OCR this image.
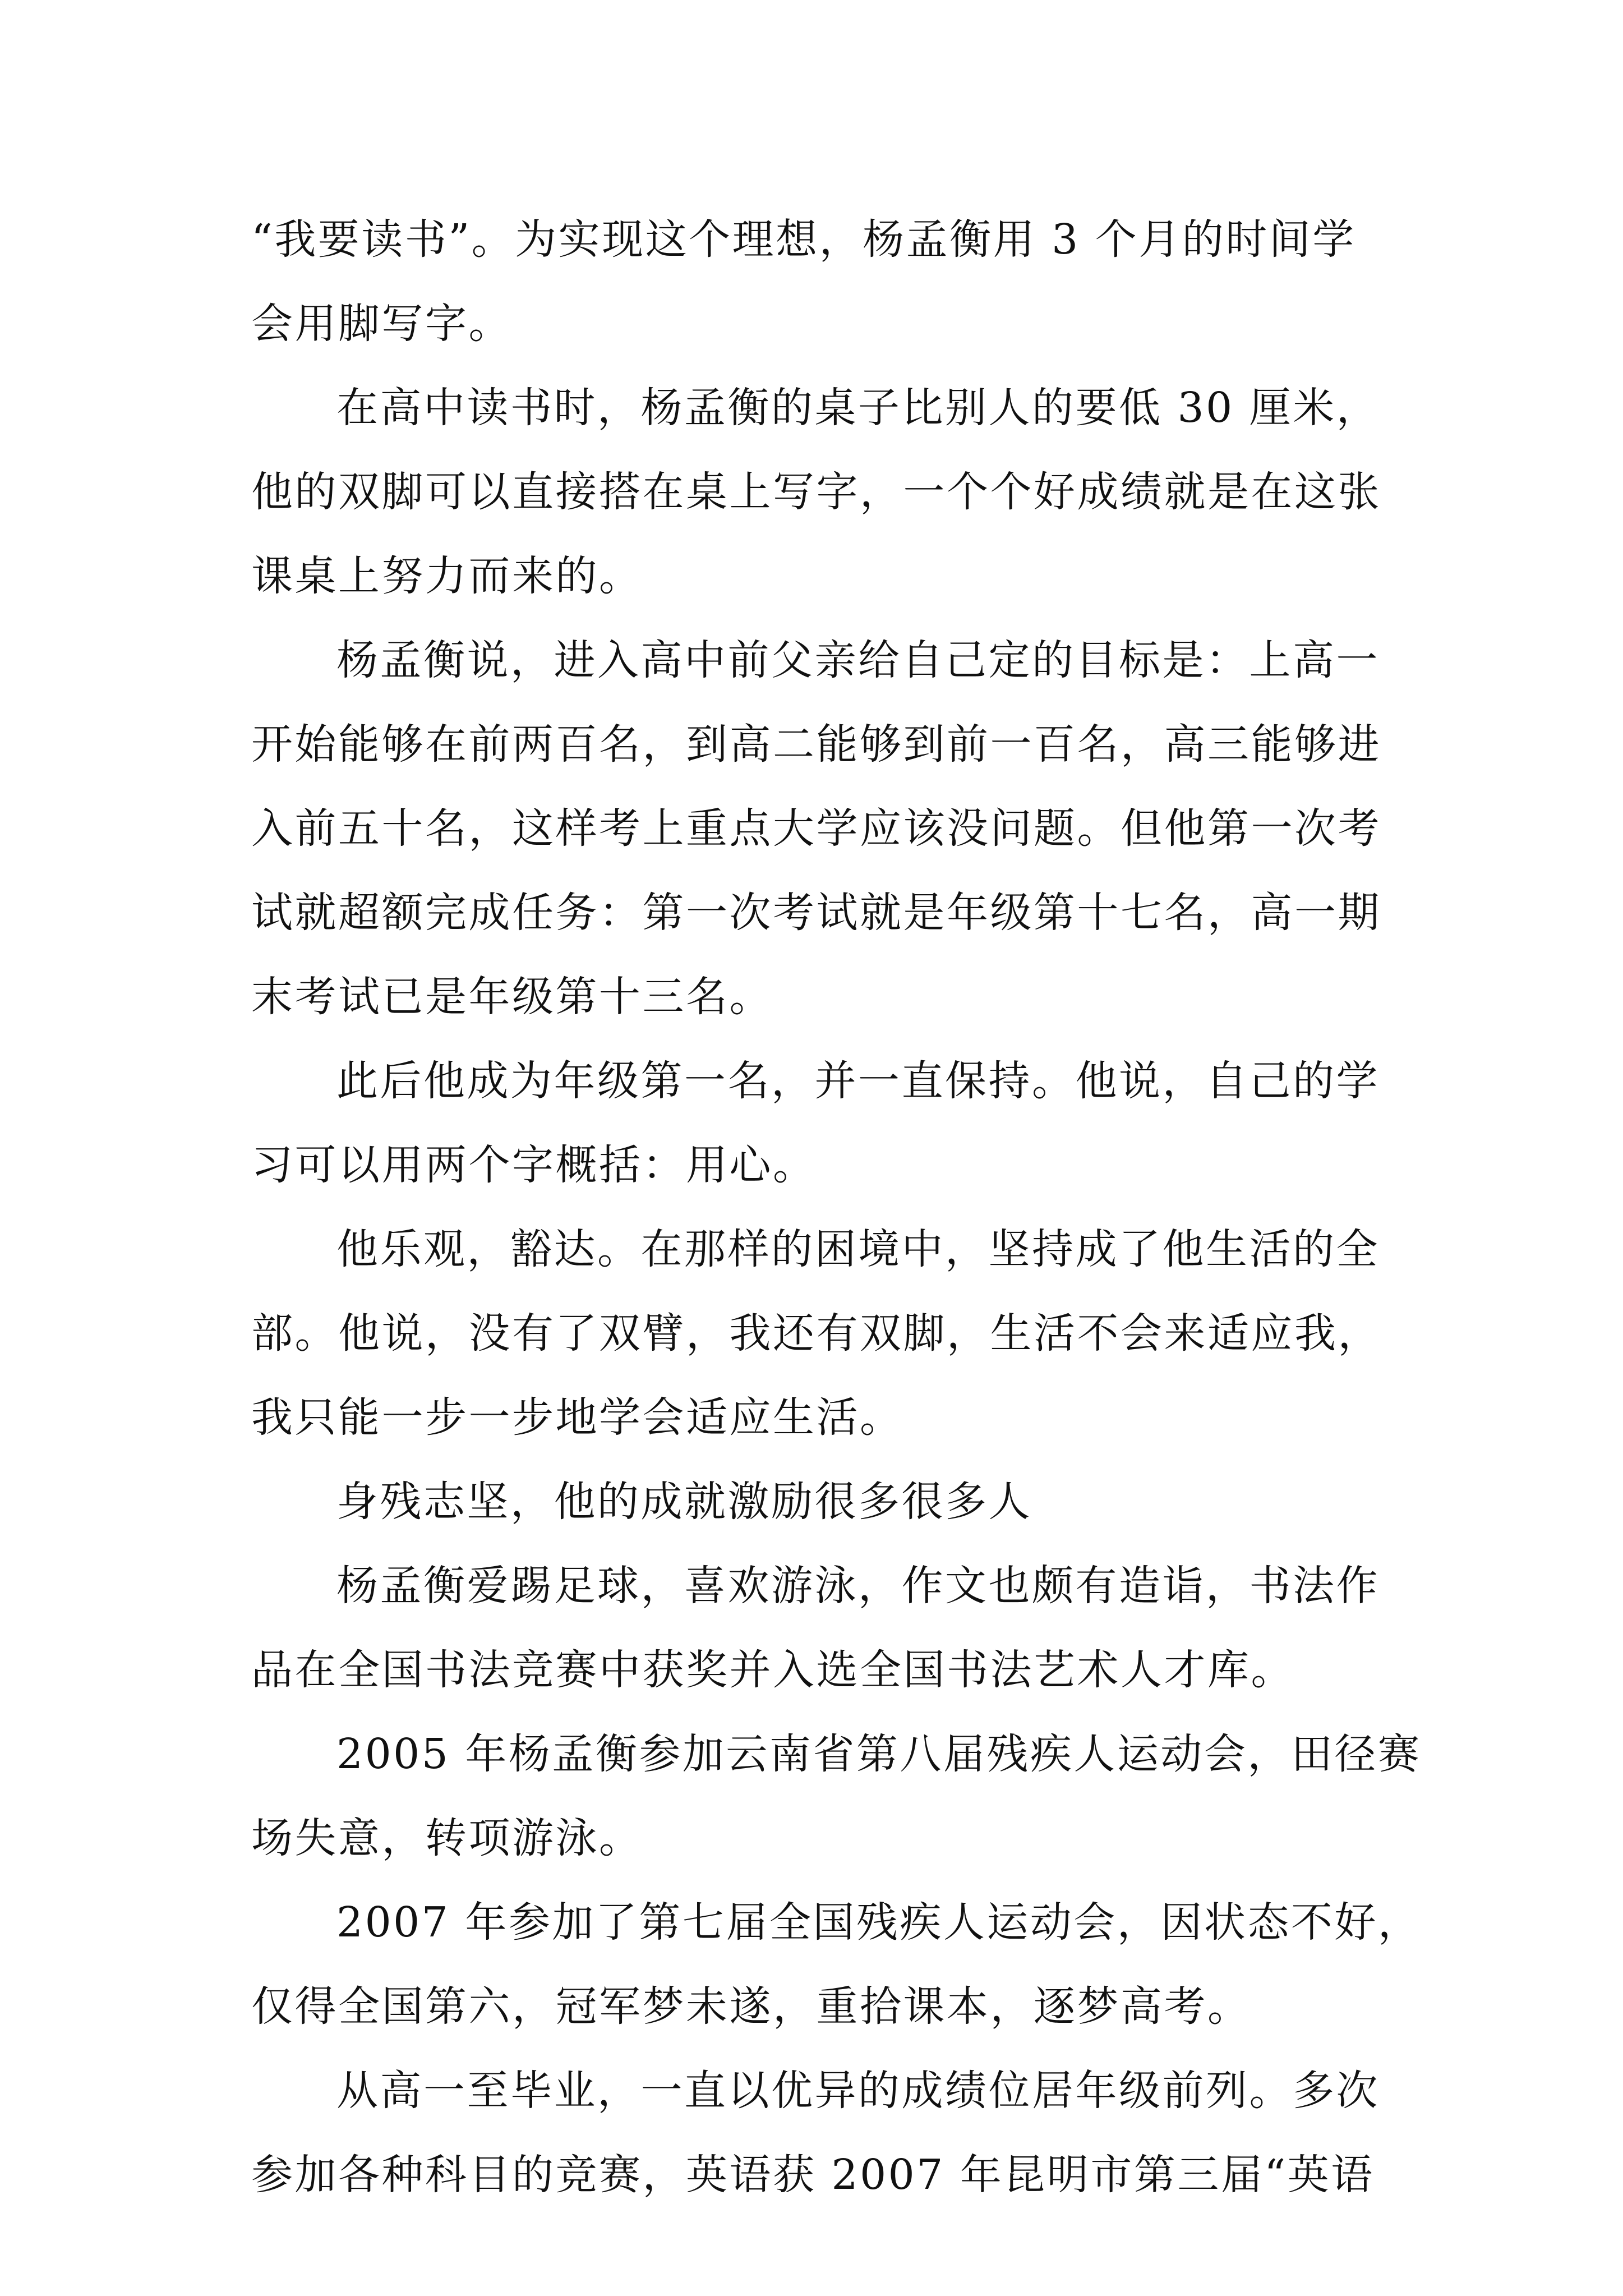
“我要读书”。为实现这个理想，杨孟衡用 3 个月的时间学
会用脚写字。

在高中读书时，杨孟衡的桌子比别人的要低 30 厘米，
他的双脚可以直接搭在桌上写字，一个个好成绩就是在这张
课桌上努力而来的。

杨孟衡说，进入高中前父亲给自己定的目标是：上高一
开始能够在前两百名，到高二能够到前一百名，高三能够进
入前五十名，这样考上重点大学应该没问题。但他第一次考
试就超额完成任务：第一次考试就是年级第十七名，高一期
末考试已是年级第十三名。

此后他成为年级第一名，并一直保持。他说，自己的学
习可以用两个字概括：用心。

他乐观，豁达。在那样的困境中，坚持成了他生活的全
部。他说，没有了双臂，我还有双脚，生活不会来适应我，
我只能一步一步地学会适应生活。

身残志坚，他的成就激励很多很多人

杨孟衡爱踢足球，喜欢游泳，作文也颇有造诣，书法作
品在全国书法竞赛中获奖并入选全国书法艺术人才库。

2005 年杨孟衡参加云南省第八届残疾人运动会，田径赛
场失意，转项游泳。

2007 年参加了第七届全国残疾人运动会，因状态不好，
仅得全国第六，冠军梦未遂，重拾课本，逐梦高考。

从高一至毕业，一直以优异的成绩位居年级前列。多次
参加各种科目的竞赛，英语获 2007 年昆明市第三届“英语
